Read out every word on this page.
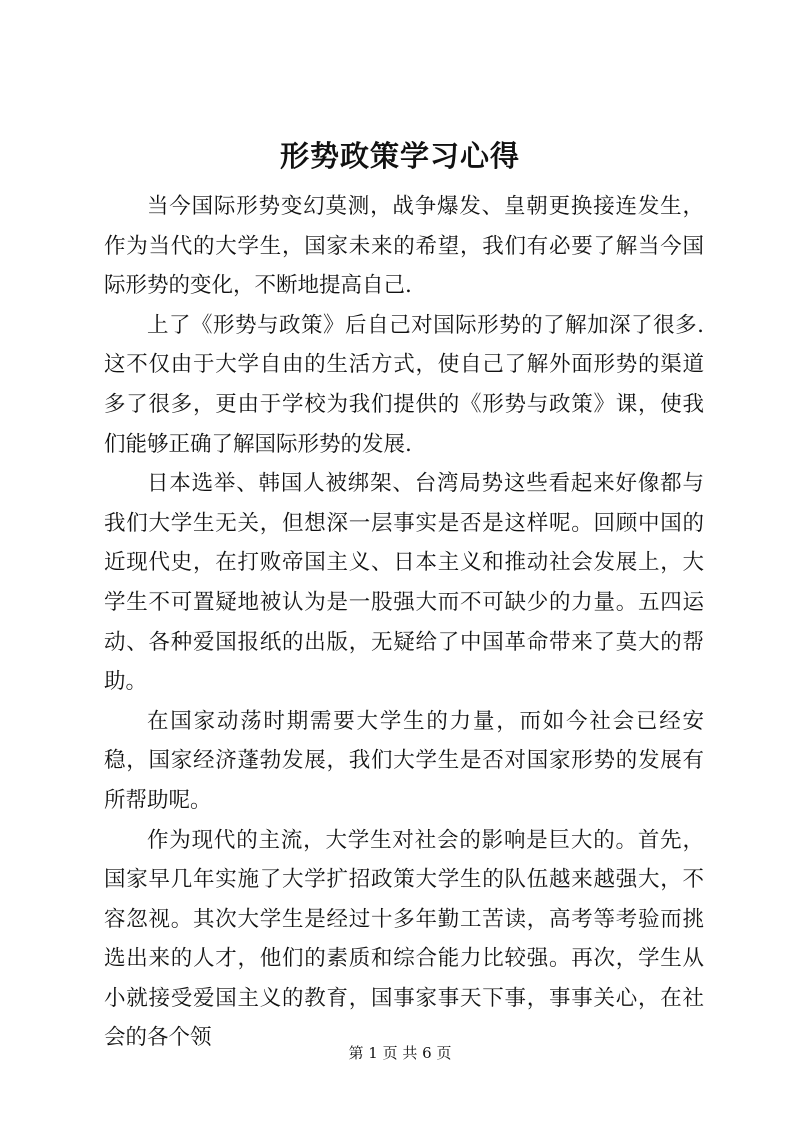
形势政策学习心得

当今国际形势变幻莫测，战争爆发、皇朝更换接连发生，作为当代的大学生，国家未来的希望，我们有必要了解当今国际形势的变化，不断地提高自己.

上了《形势与政策》后自己对国际形势的了解加深了很多.这不仅由于大学自由的生活方式，使自己了解外面形势的渠道多了很多，更由于学校为我们提供的《形势与政策》课，使我们能够正确了解国际形势的发展.

日本选举、韩国人被绑架、台湾局势这些看起来好像都与我们大学生无关，但想深一层事实是否是这样呢。回顾中国的近现代史，在打败帝国主义、日本主义和推动社会发展上，大学生不可置疑地被认为是一股强大而不可缺少的力量。五四运动、各种爱国报纸的出版，无疑给了中国革命带来了莫大的帮助。

在国家动荡时期需要大学生的力量，而如今社会已经安稳，国家经济蓬勃发展，我们大学生是否对国家形势的发展有所帮助呢。

作为现代的主流，大学生对社会的影响是巨大的。首先，国家早几年实施了大学扩招政策大学生的队伍越来越强大，不容忽视。其次大学生是经过十多年勤工苦读，高考等考验而挑选出来的人才，他们的素质和综合能力比较强。再次，学生从小就接受爱国主义的教育，国事家事天下事，事事关心，在社会的各个领

第 1 页 共 6 页
